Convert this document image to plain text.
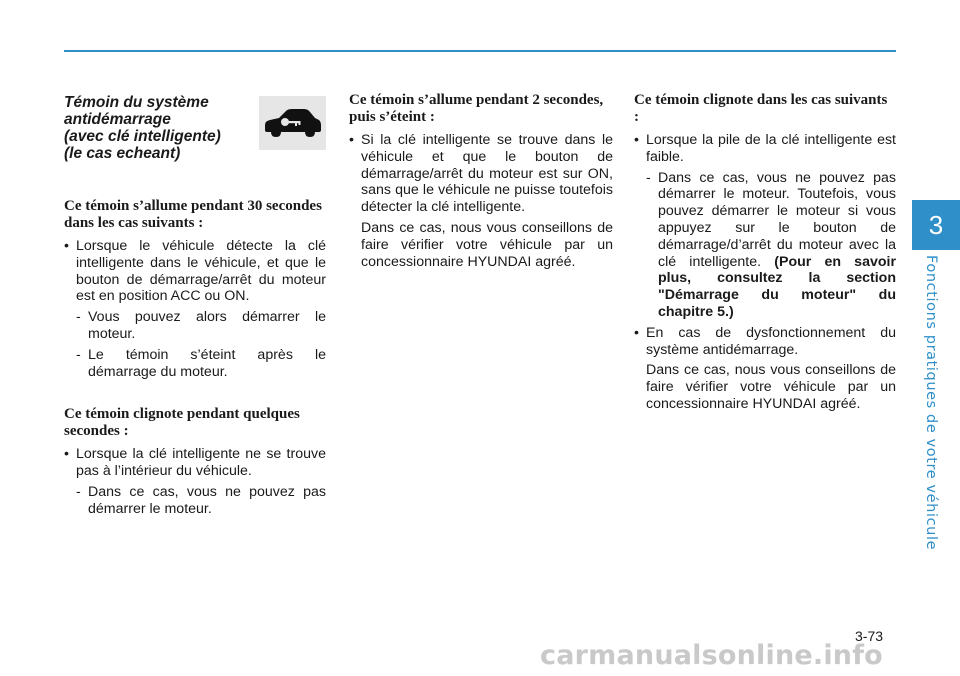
3
Fonctions pratiques de votre véhicule
Témoin du système
antidémarrage
(avec clé intelligente)
(le cas echeant)

Ce témoin s’allume pendant 30 secondes dans les cas suivants :

• Lorsque le véhicule détecte la clé intelligente dans le véhicule, et que le bouton de démarrage/arrêt du moteur est en position ACC ou ON.

- Vous pouvez alors démarrer le moteur.

- Le témoin s’éteint après le démarrage du moteur.

Ce témoin clignote pendant quelques secondes :

• Lorsque la clé intelligente ne se trouve pas à l’intérieur du véhicule.

- Dans ce cas, vous ne pouvez pas démarrer le moteur.

Ce témoin s’allume pendant 2 secondes, puis s’éteint :

• Si la clé intelligente se trouve dans le véhicule et que le bouton de démarrage/arrêt du moteur est sur ON, sans que le véhicule ne puisse toutefois détecter la clé intelligente.

Dans ce cas, nous vous conseillons de faire vérifier votre véhicule par un concessionnaire HYUNDAI agréé.

Ce témoin clignote dans les cas suivants :

• Lorsque la pile de la clé intelligente est faible.

- Dans ce cas, vous ne pouvez pas démarrer le moteur. Toutefois, vous pouvez démarrer le moteur si vous appuyez sur le bouton de démarrage/d’arrêt du moteur avec la clé intelligente. (Pour en savoir plus, consultez la section "Démarrage du moteur" du chapitre 5.)

• En cas de dysfonctionnement du système antidémarrage.

Dans ce cas, nous vous conseillons de faire vérifier votre véhicule par un concessionnaire HYUNDAI agréé.

3-73
carmanualsonline.info
